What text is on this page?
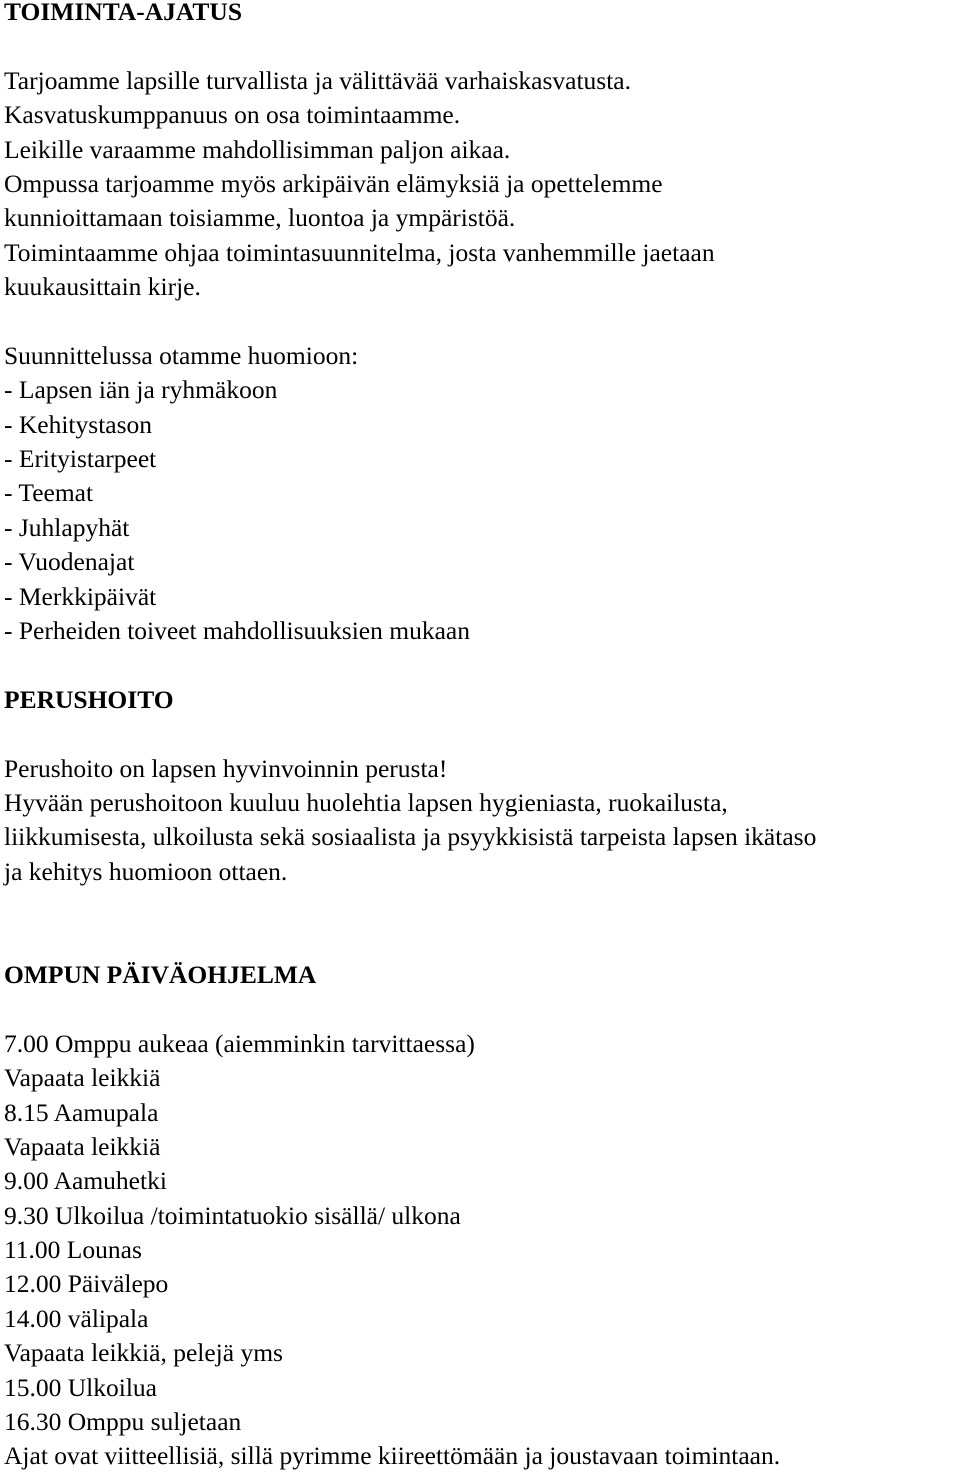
TOIMINTA-AJATUS
Tarjoamme lapsille turvallista ja välittävää varhaiskasvatusta.
Kasvatuskumppanuus on osa toimintaamme.
Leikille varaamme mahdollisimman paljon aikaa.
Ompussa tarjoamme myös arkipäivän elämyksiä ja opettelemme
kunnioittamaan toisiamme, luontoa ja ympäristöä.
Toimintaamme ohjaa toimintasuunnitelma, josta vanhemmille jaetaan
kuukausittain kirje.
Suunnittelussa otamme huomioon:
- Lapsen iän ja ryhmäkoon
- Kehitystason
- Erityistarpeet
- Teemat
- Juhlapyhät
- Vuodenajat
- Merkkipäivät
- Perheiden toiveet mahdollisuuksien mukaan
PERUSHOITO
Perushoito on lapsen hyvinvoinnin perusta!
Hyvään perushoitoon kuuluu huolehtia lapsen hygieniasta, ruokailusta,
liikkumisesta, ulkoilusta sekä sosiaalista ja psyykkisistä tarpeista lapsen ikätaso
ja kehitys huomioon ottaen.
OMPUN PÄIVÄOHJELMA
7.00 Omppu aukeaa (aiemminkin tarvittaessa)
Vapaata leikkiä
8.15 Aamupala
Vapaata leikkiä
9.00 Aamuhetki
9.30 Ulkoilua /toimintatuokio sisällä/ ulkona
11.00 Lounas
12.00 Päivälepo
14.00 välipala
Vapaata leikkiä, pelejä yms
15.00 Ulkoilua
16.30 Omppu suljetaan
Ajat ovat viitteellisiä, sillä pyrimme kiireettömään ja joustavaan toimintaan.
